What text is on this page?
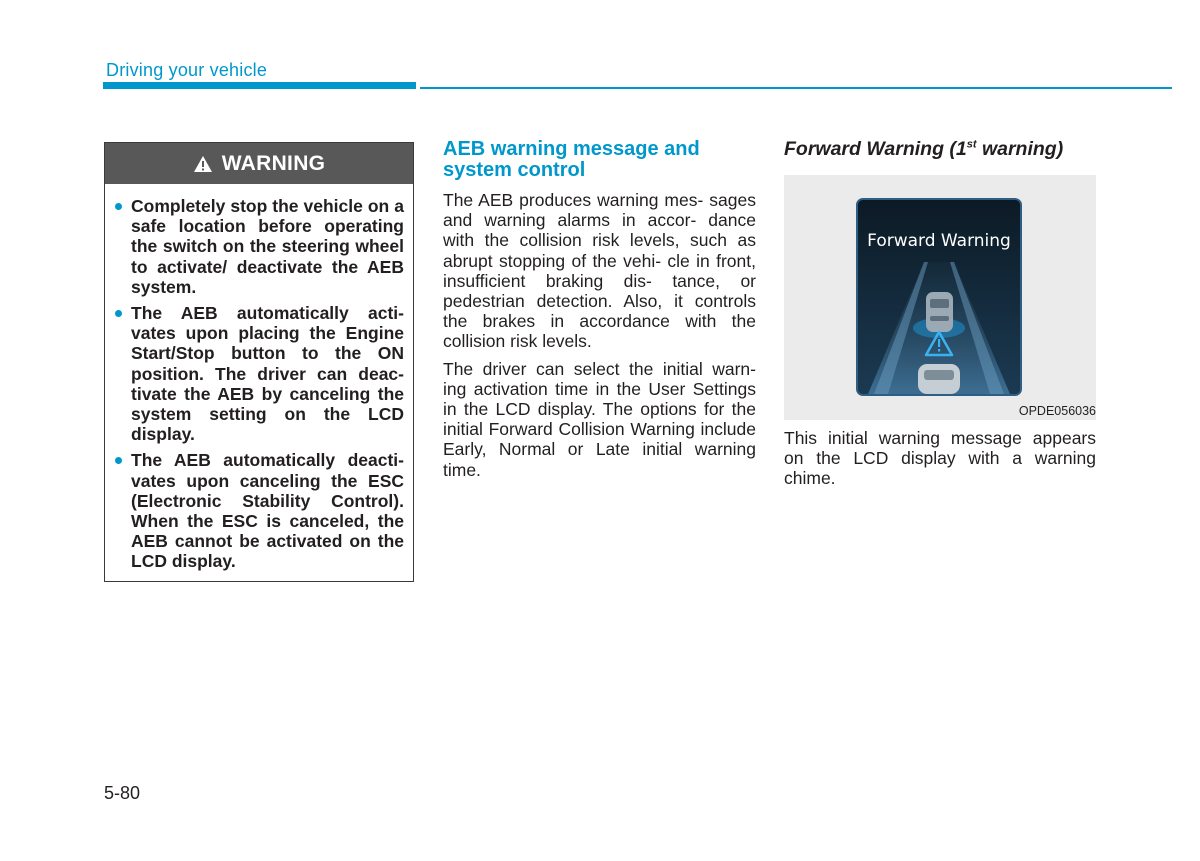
Driving your vehicle
WARNING
Completely stop the vehicle on a safe location before operating the switch on the steering wheel to activate/ deactivate the AEB system.
The AEB automatically acti- vates upon placing the Engine Start/Stop button to the ON position. The driver can deac- tivate the AEB by canceling the system setting on the LCD display.
The AEB automatically deacti- vates upon canceling the ESC (Electronic Stability Control). When the ESC is canceled, the AEB cannot be activated on the LCD display.
AEB warning message and system control

The AEB produces warning mes- sages and warning alarms in accor- dance with the collision risk levels, such as abrupt stopping of the vehi- cle in front, insufficient braking dis- tance, or pedestrian detection. Also, it controls the brakes in accordance with the collision risk levels.

The driver can select the initial warn- ing activation time in the User Settings in the LCD display. The options for the initial Forward Collision Warning include Early, Normal or Late initial warning time.

Forward Warning (1st warning)
Forward Warning
OPDE056036
This initial warning message appears on the LCD display with a warning chime.
5-80
